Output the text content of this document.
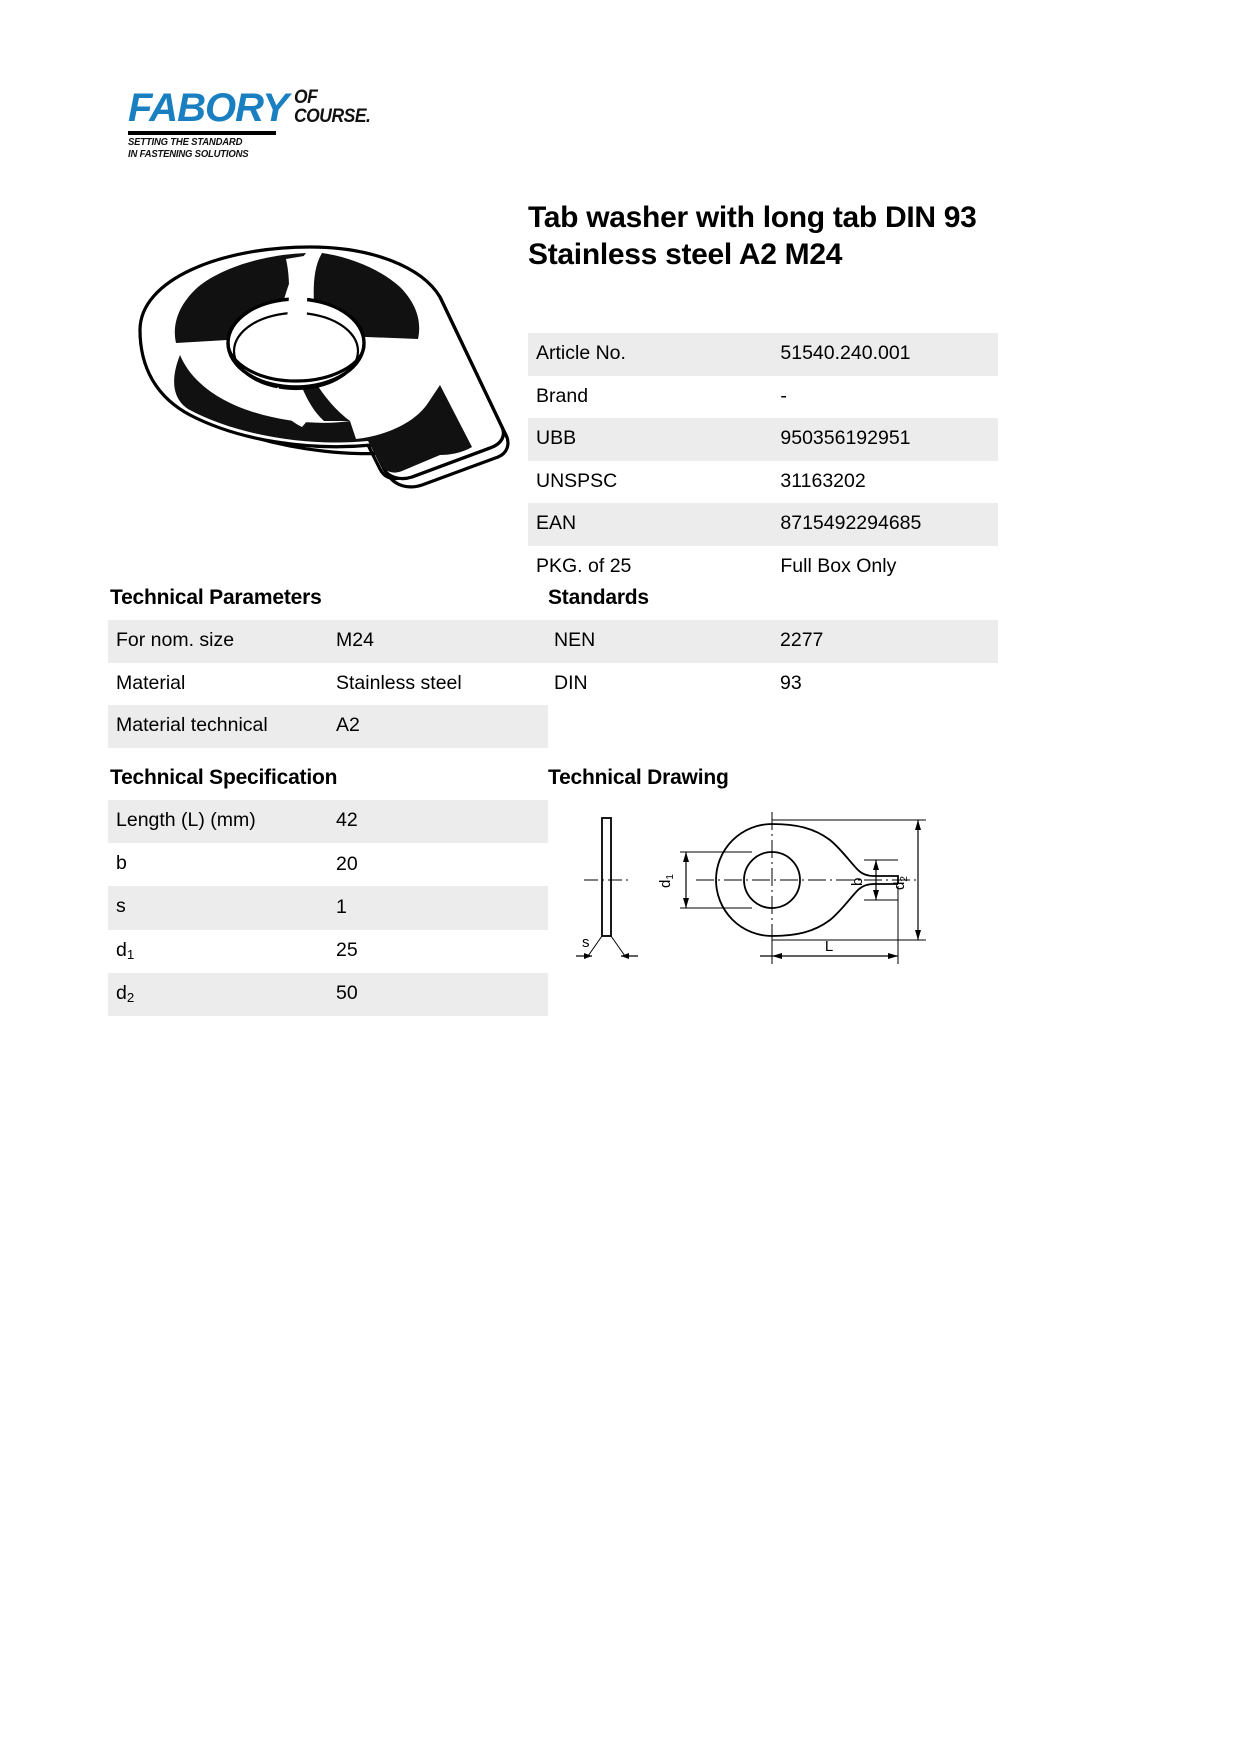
FABORY OF COURSE.
SETTING THE STANDARD
IN FASTENING SOLUTIONS
Tab washer with long tab DIN 93 Stainless steel A2 M24
Article No.	51540.240.001
Brand	-
UBB	950356192951
UNSPSC	31163202
EAN	8715492294685
PKG. of 25	Full Box Only
Technical Parameters
For nom. size	M24
Material	Stainless steel
Material technical	A2
Standards
NEN	2277
DIN	93
Technical Specification
Length (L) (mm)	42
b	20
s	1
$d_1$	25
$d_2$	50
Technical Drawing
$d_1$
b $d_2$
L
s
